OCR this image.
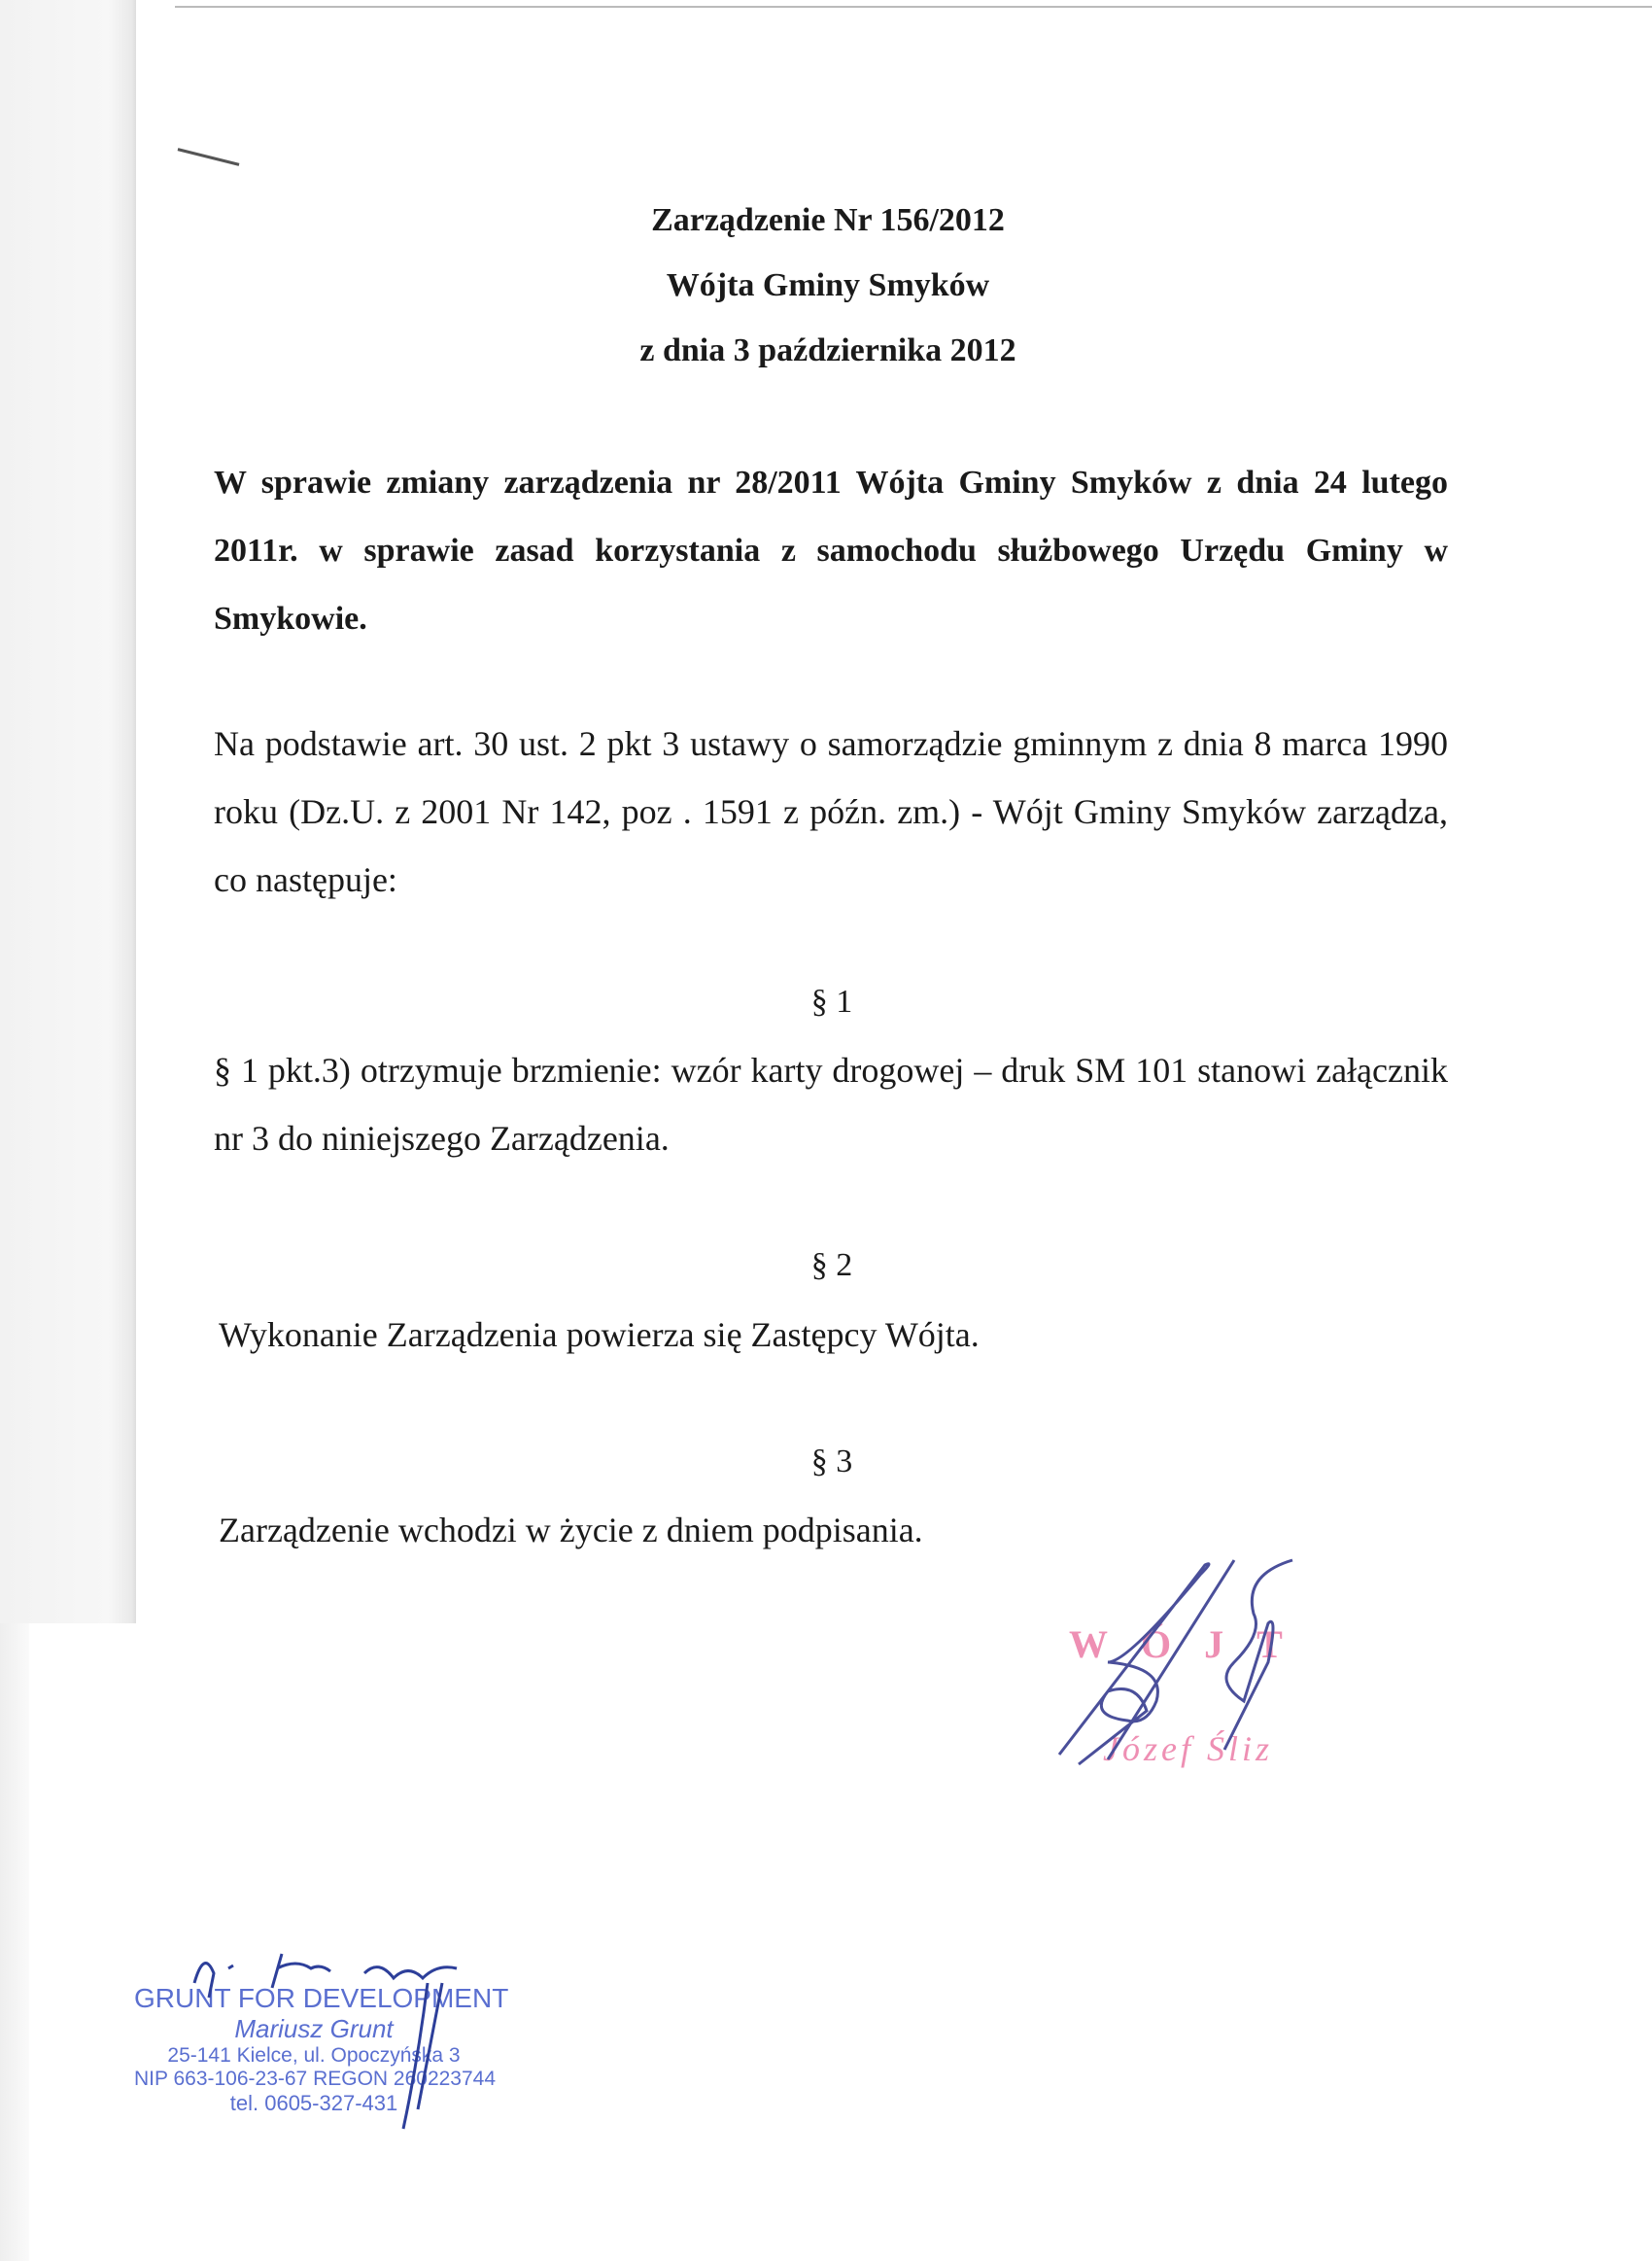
Zarządzenie Nr 156/2012
Wójta Gminy Smyków
z dnia 3 października 2012
W sprawie zmiany zarządzenia nr 28/2011 Wójta Gminy Smyków z dnia 24 lutego 2011r. w sprawie zasad korzystania z samochodu służbowego Urzędu Gminy w Smykowie.
Na podstawie art. 30 ust. 2 pkt 3 ustawy o samorządzie gminnym z dnia 8 marca 1990 roku (Dz.U. z 2001 Nr 142, poz . 1591 z późn. zm.) - Wójt Gminy Smyków zarządza, co następuje:
§ 1
§ 1 pkt.3) otrzymuje brzmienie: wzór karty drogowej – druk SM 101 stanowi załącznik nr 3 do niniejszego Zarządzenia.
§ 2
Wykonanie Zarządzenia powierza się Zastępcy Wójta.
§ 3
Zarządzenie wchodzi w życie z dniem podpisania.
WÓJT
Józef Śliz
GRUNT FOR DEVELOPMENT
Mariusz Grunt
25-141 Kielce, ul. Opoczyńska 3
NIP 663-106-23-67 REGON 260223744
tel. 0605-327-431
